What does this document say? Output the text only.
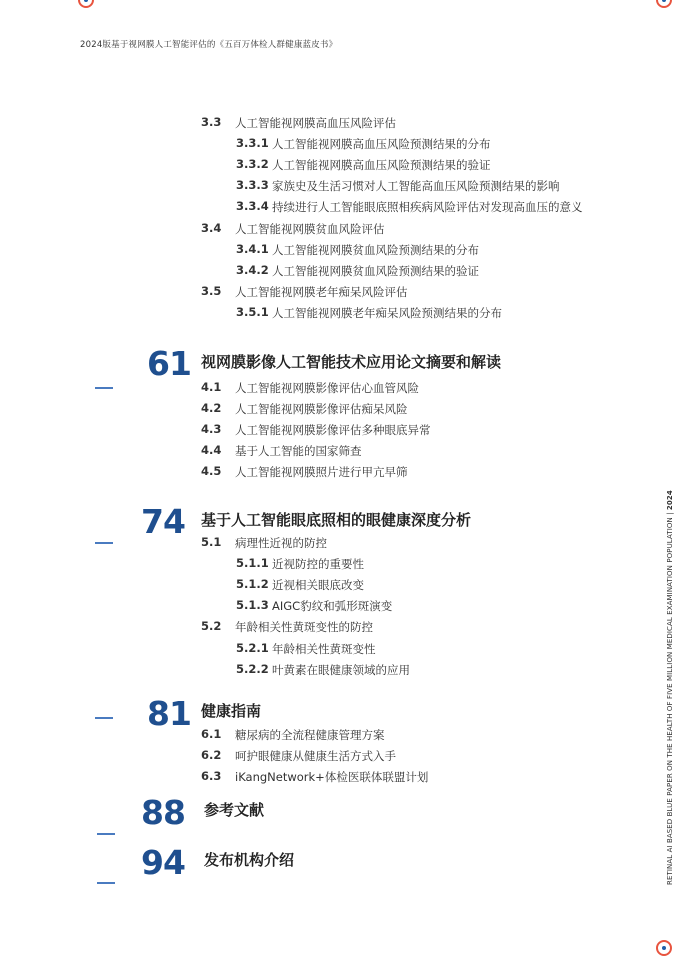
2024版基于视网膜人工智能评估的《五百万体检人群健康蓝皮书》
3.3 人工智能视网膜高血压风险评估
3.3.1 人工智能视网膜高血压风险预测结果的分布
3.3.2 人工智能视网膜高血压风险预测结果的验证
3.3.3 家族史及生活习惯对人工智能高血压风险预测结果的影响
3.3.4 持续进行人工智能眼底照相疾病风险评估对发现高血压的意义
3.4 人工智能视网膜贫血风险评估
3.4.1 人工智能视网膜贫血风险预测结果的分布
3.4.2 人工智能视网膜贫血风险预测结果的验证
3.5 人工智能视网膜老年痴呆风险评估
3.5.1 人工智能视网膜老年痴呆风险预测结果的分布
61 视网膜影像人工智能技术应用论文摘要和解读
4.1 人工智能视网膜影像评估心血管风险
4.2 人工智能视网膜影像评估痴呆风险
4.3 人工智能视网膜影像评估多种眼底异常
4.4 基于人工智能的国家筛查
4.5 人工智能视网膜照片进行甲亢早筛
74 基于人工智能眼底照相的眼健康深度分析
5.1 病理性近视的防控
5.1.1 近视防控的重要性
5.1.2 近视相关眼底改变
5.1.3 AIGC豹纹和弧形斑演变
5.2 年龄相关性黄斑变性的防控
5.2.1 年龄相关性黄斑变性
5.2.2 叶黄素在眼健康领域的应用
81 健康指南
6.1 糖尿病的全流程健康管理方案
6.2 呵护眼健康从健康生活方式入手
6.3 iKangNetwork+体检医联体联盟计划
88 参考文献
94 发布机构介绍	RETINAL AI BASED BLUE PAPER ON THE HEALTH OF FIVE MILLION MEDICAL EXAMINATION POPULATION | 2024
